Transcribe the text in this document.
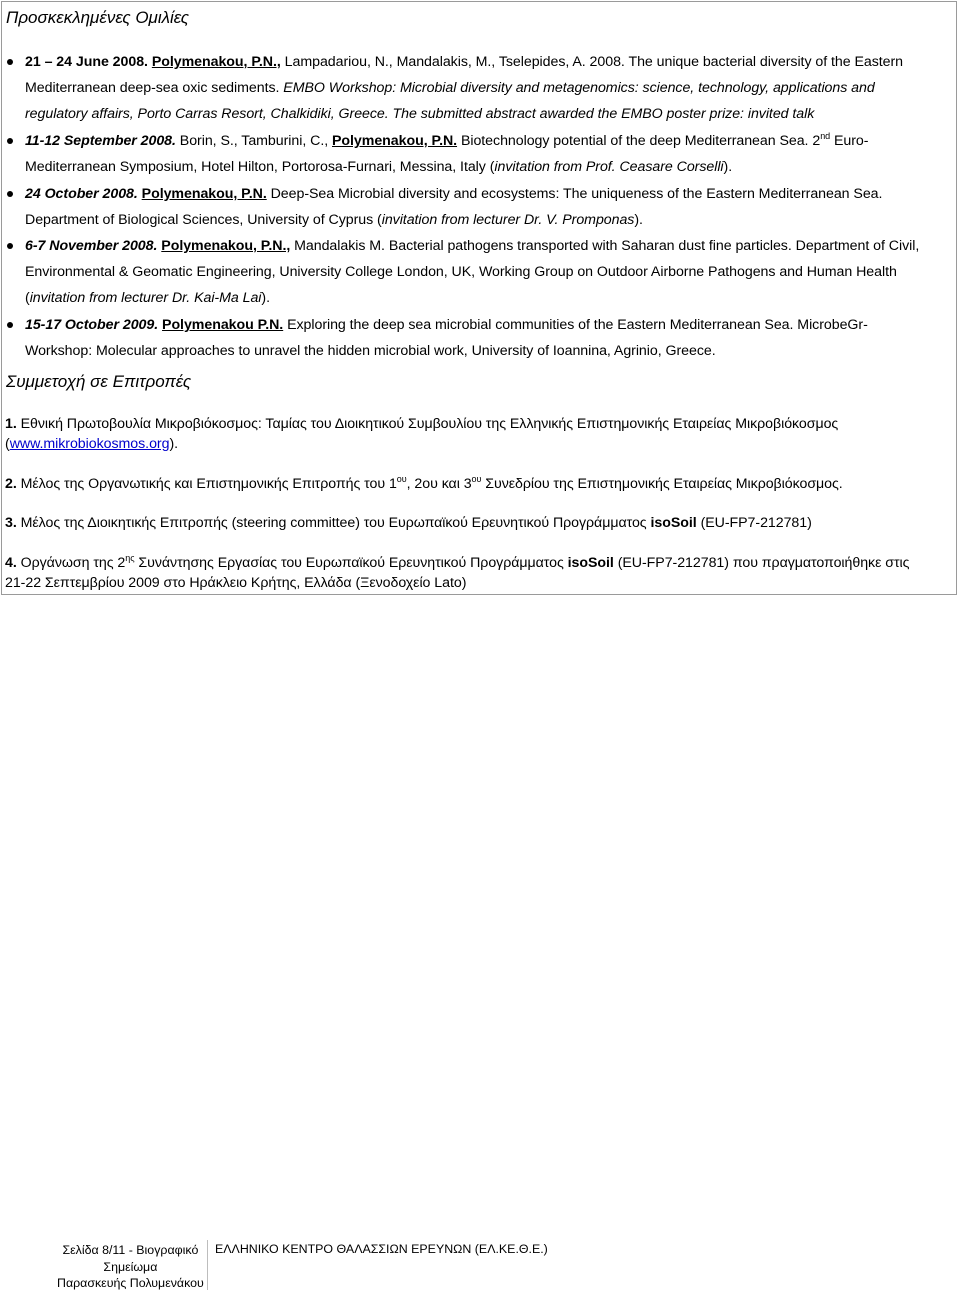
Προσκεκλημένες Ομιλίες
21 – 24 June 2008. Polymenakou, P.N., Lampadariou, N., Mandalakis, M., Tselepides, A. 2008. The unique bacterial diversity of the Eastern
Mediterranean deep-sea oxic sediments. EMBO Workshop: Microbial diversity and metagenomics: science, technology, applications and
regulatory affairs, Porto Carras Resort, Chalkidiki, Greece. The submitted abstract awarded the EMBO poster prize: invited talk
11-12 September 2008. Borin, S., Tamburini, C., Polymenakou, P.N. Biotechnology potential of the deep Mediterranean Sea. 2nd Euro-
Mediterranean Symposium, Hotel Hilton, Portorosa-Furnari, Messina, Italy (invitation from Prof. Ceasare Corselli).
24 October 2008. Polymenakou, P.N. Deep-Sea Microbial diversity and ecosystems: The uniqueness of the Eastern Mediterranean Sea.
Department of Biological Sciences, University of Cyprus (invitation from lecturer Dr. V. Promponas).
6-7 November 2008. Polymenakou, P.N., Mandalakis M. Bacterial pathogens transported with Saharan dust fine particles. Department of Civil,
Environmental & Geomatic Engineering, University College London, UK, Working Group on Outdoor Airborne Pathogens and Human Health
(invitation from lecturer Dr. Kai-Ma Lai).
15-17 October 2009. Polymenakou P.N. Exploring the deep sea microbial communities of the Eastern Mediterranean Sea. MicrobeGr-
Workshop: Molecular approaches to unravel the hidden microbial work, University of Ioannina, Agrinio, Greece.
Συμμετοχή σε Επιτροπές
1. Εθνική Πρωτοβουλία Μικροβιόκοσμος: Ταμίας του Διοικητικού Συμβουλίου της Ελληνικής Επιστημονικής Εταιρείας Μικροβιόκοσμος
(www.mikrobiokosmos.org).
2. Μέλος της Οργανωτικής και Επιστημονικής Επιτροπής του $1^{o\upsilon}$, 2ου και $3^{o\upsilon}$ Συνεδρίου της Επιστημονικής Εταιρείας Μικροβιόκοσμος.
3. Μέλος της Διοικητικής Επιτροπής (steering committee) του Ευρωπαϊκού Ερευνητικού Προγράμματος isoSoil (EU-FP7-212781)
4. Οργάνωση της $2^{\eta\varsigma}$ Συνάντησης Εργασίας του Ευρωπαϊκού Ερευνητικού Προγράμματος isoSoil (EU-FP7-212781) που πραγματοποιήθηκε στις
21-22 Σεπτεμβρίου 2009 στο Ηράκλειο Κρήτης, Ελλάδα (Ξενοδοχείο Lato)
Σελίδα 8/11 - Βιογραφικό
Σημείωμα
Παρασκευής Πολυμενάκου
ΕΛΛΗΝΙΚΟ ΚΕΝΤΡΟ ΘΑΛΑΣΣΙΩΝ ΕΡΕΥΝΩΝ (ΕΛ.ΚΕ.Θ.Ε.)
